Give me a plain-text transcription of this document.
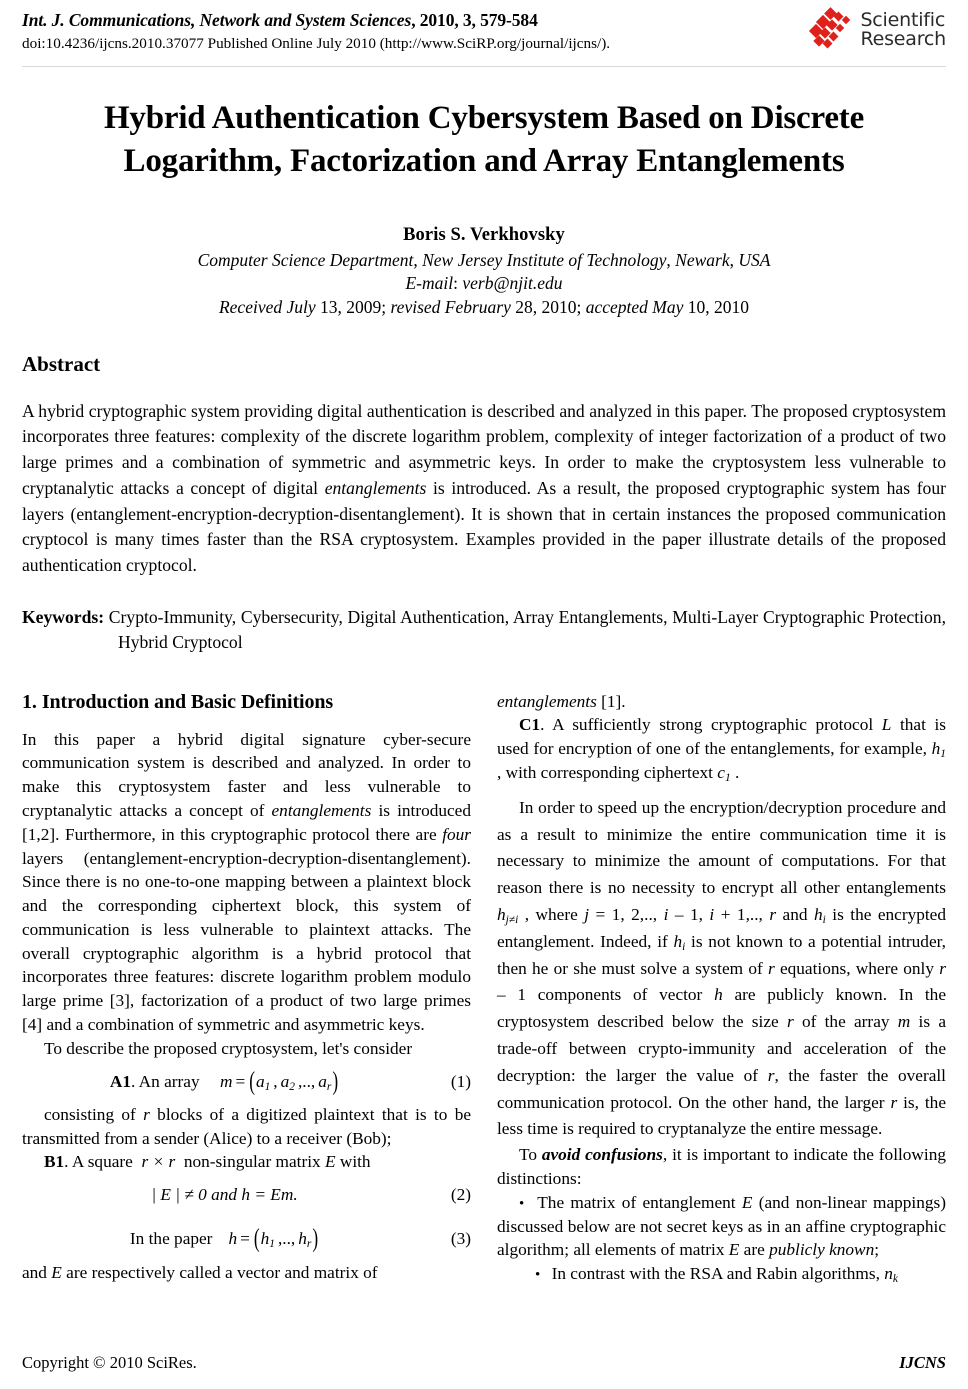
Int. J. Communications, Network and System Sciences, 2010, 3, 579-584
doi:10.4236/ijcns.2010.37077 Published Online July 2010 (http://www.SciRP.org/journal/ijcns/).
Scientific
Research
Hybrid Authentication Cybersystem Based on Discrete
Logarithm, Factorization and Array Entanglements
Boris S. Verkhovsky
Computer Science Department, New Jersey Institute of Technology, Newark, USA
E-mail: verb@njit.edu
Received July 13, 2009; revised February 28, 2010; accepted May 10, 2010
Abstract
A hybrid cryptographic system providing digital authentication is described and analyzed in this paper. The proposed cryptosystem incorporates three features: complexity of the discrete logarithm problem, complexity of integer factorization of a product of two large primes and a combination of symmetric and asymmetric keys. In order to make the cryptosystem less vulnerable to cryptanalytic attacks a concept of digital entanglements is introduced. As a result, the proposed cryptographic system has four layers (entanglement-encryption-decryption-disentanglement). It is shown that in certain instances the proposed communication cryptocol is many times faster than the RSA cryptosystem. Examples provided in the paper illustrate details of the proposed authentication cryptocol.
Keywords: Crypto-Immunity, Cybersecurity, Digital Authentication, Array Entanglements, Multi-Layer Cryptographic Protection, Hybrid Cryptocol
1. Introduction and Basic Definitions

In this paper a hybrid digital signature cyber-secure communication system is described and analyzed. In order to make this cryptosystem faster and less vulnerable to cryptanalytic attacks a concept of entanglements is introduced [1,2]. Furthermore, in this cryptographic protocol there are four layers (entanglement-encryption-decryption-disentanglement). Since there is no one-to-one mapping between a plaintext block and the corresponding ciphertext block, this system of communication is less vulnerable to plaintext attacks. The overall cryptographic algorithm is a hybrid protocol that incorporates three features: discrete logarithm problem modulo large prime [3], factorization of a product of two large primes [4] and a combination of symmetric and asymmetric keys.

To describe the proposed cryptosystem, let's consider

A1. An array $m = (a_1$ , $a_2$ ,.., $a_r$)	(1)

consisting of r blocks of a digitized plaintext that is to be transmitted from a sender (Alice) to a receiver (Bob);

B1. A square r × r non-singular matrix E with

| E | ≠ 0 and h = Em.	(2)
In the paper $h = (h_1$ ,.., $h_r$)	(3)

and E are respectively called a vector and matrix of

entanglements [1].

C1. A sufficiently strong cryptographic protocol L that is used for encryption of one of the entanglements, for example, $h_1$ , with corresponding ciphertext $c_1$ .

In order to speed up the encryption/decryption procedure and as a result to minimize the entire communication time it is necessary to minimize the amount of computations. For that reason there is no necessity to encrypt all other entanglements $h_{j\ne i}$ , where j = 1, 2,.., i – 1, i + 1,.., r and $h_i$ is the encrypted entanglement. Indeed, if $h_i$ is not known to a potential intruder, then he or she must solve a system of r equations, where only r – 1 components of vector h are publicly known. In the cryptosystem described below the size r of the array m is a trade-off between crypto-immunity and acceleration of the decryption: the larger the value of r, the faster the overall communication protocol. On the other hand, the larger r is, the less time is required to cryptanalyze the entire message.

To avoid confusions, it is important to indicate the following distinctions:

• The matrix of entanglement E (and non-linear mappings) discussed below are not secret keys as in an affine cryptographic algorithm; all elements of matrix E are publicly known;

• In contrast with the RSA and Rabin algorithms, $n_k$

Copyright © 2010 SciRes.	IJCNS
